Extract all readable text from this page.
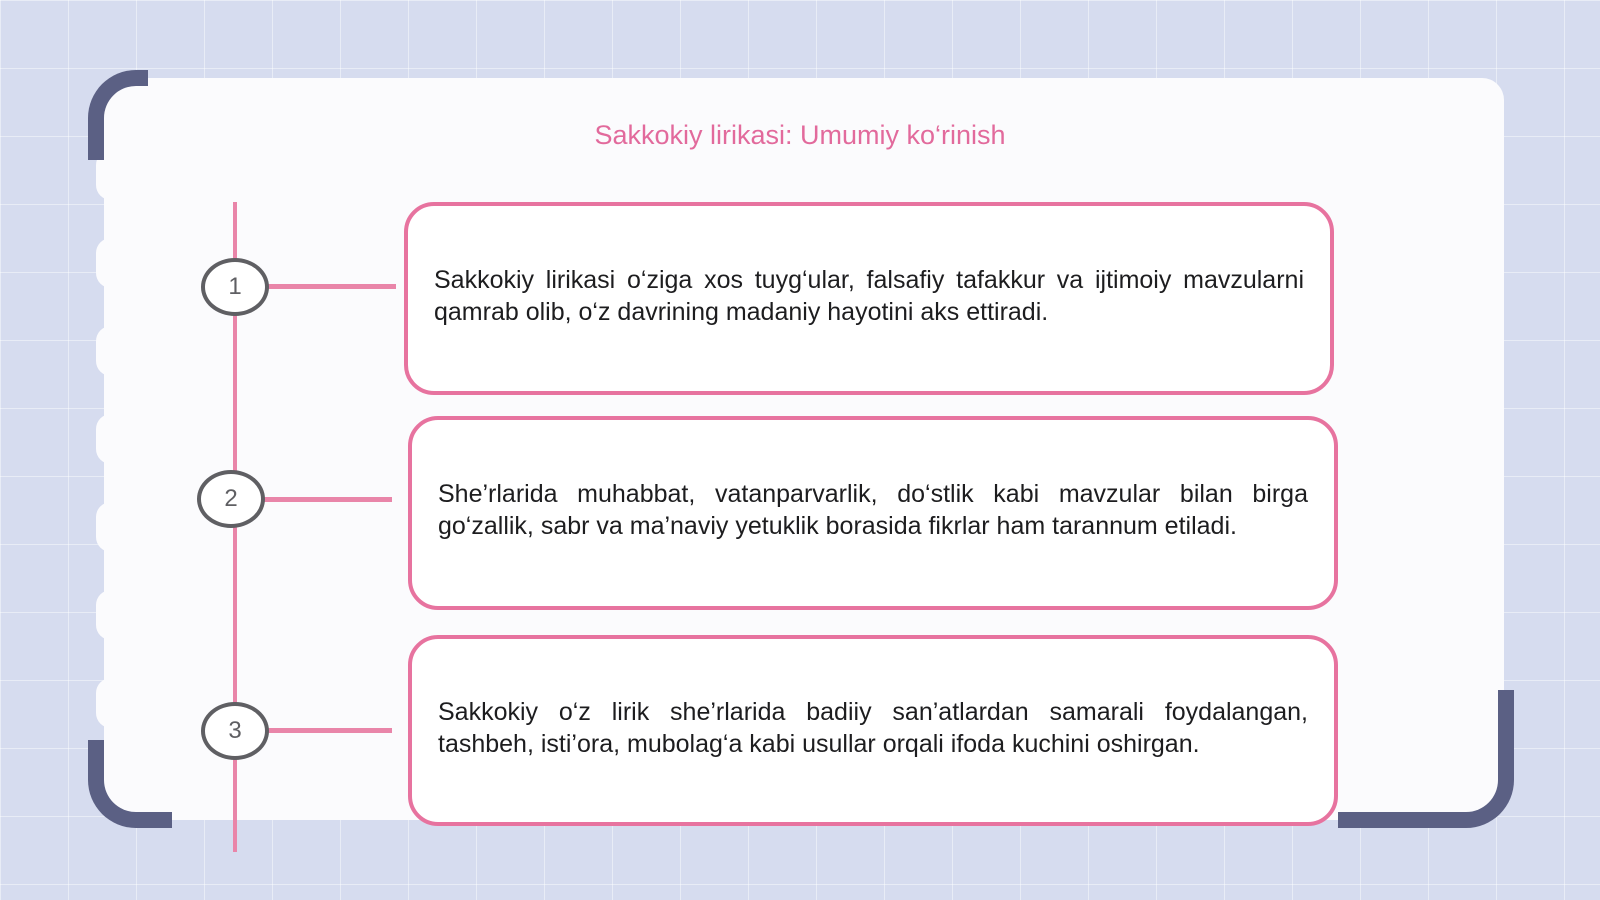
Sakkokiy lirikasi: Umumiy ko‘rinish
1	Sakkokiy lirikasi o‘ziga xos tuyg‘ular, falsafiy tafakkur va ijtimoiy mavzularni qamrab olib, o‘z davrining madaniy hayotini aks ettiradi.
2	She’rlarida muhabbat, vatanparvarlik, do‘stlik kabi mavzular bilan birga go‘zallik, sabr va ma’naviy yetuklik borasida fikrlar ham tarannum etiladi.
3
Sakkokiy o‘z lirik she’rlarida badiiy san’atlardan samarali foydalangan, tashbeh, isti’ora, mubolag‘a kabi usullar orqali ifoda kuchini oshirgan.
